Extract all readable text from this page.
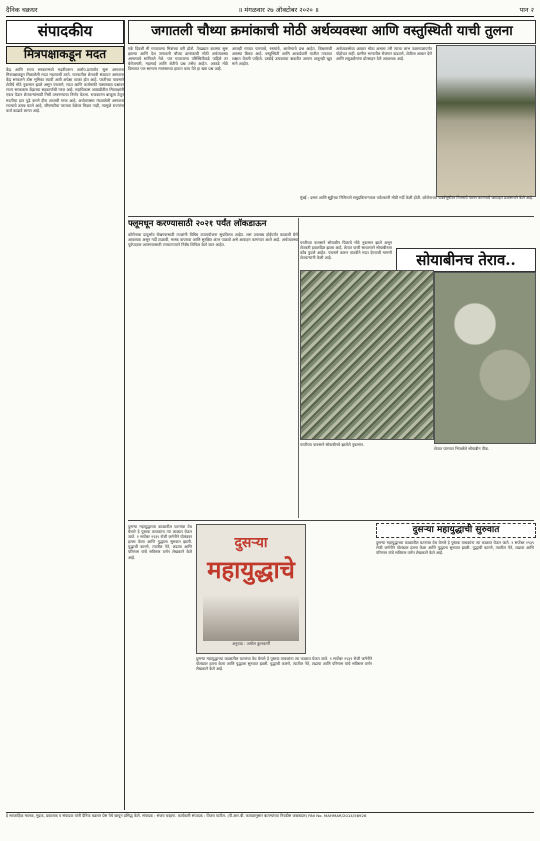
दैनिक चक्रधर	॥ मंगळवार २७ ऑक्टोबर २०२० ॥	पान २
संपादकीय
मित्रपक्षाकडून मदत
केंद्र आणि राज्य सरकारमध्ये मदतीवरून आरोप-प्रत्यारोप सुरू असताना मित्रपक्षाकडून मिळालेली मदत महत्त्वाची ठरते. राज्यातील शेतकरी संकटात असताना केंद्र सरकारने ठोस भूमिका घ्यावी अशी अपेक्षा व्यक्त होत आहे. परतीच्या पावसाने शेतीचे मोठे नुकसान झाले असून पंचनामे, मदत आणि कर्जमाफी यासारख्या प्रश्नांवर राज्य सरकारला केंद्राच्या सहकार्याची गरज आहे. महाविकास आघाडीतील मित्रपक्षांनी एकत्र येऊन शेतकऱ्यांसाठी निधी उभारण्याचा निर्णय घेतला. राजकारण बाजूला ठेवून मदतीचा हात पुढे करणे हीच आजची गरज आहे. अर्थव्यवस्था मंदावलेली असताना राज्याचे उत्पन्न घटले आहे, जीएसटीचा परतावा वेळेवर मिळत नाही, त्यामुळे राज्यांना कर्ज काढावे लागत आहे.
जगातली चौथ्या क्रमांकाची मोठी अर्थव्यवस्था आणि वस्तुस्थिती याची तुलना
एके दिवशी मी गावातल्या मित्रांच्या घरी होतो. तेवढ्यात बातम्या सुरू झाल्या आणि देश जगातली चौथ्या क्रमांकाची मोठी अर्थव्यवस्था असल्याचे सांगितले गेले. पण गावातल्या परिस्थितीकडे पाहिले तर बेरोजगारी, महागाई आणि शेतीचे प्रश्न तसेच आहेत. आकडे मोठे दिसतात पण सामान्य माणसाच्या हातात काय येते हा खरा प्रश्न आहे.
आजही गावात पाण्याचे, रस्त्यांचे, आरोग्याचे प्रश्न आहेत. शिक्षणाची अवस्था बिकट आहे. वस्तुस्थिती आणि आकडेवारी यातील तफावत लक्षात घेतली पाहिजे. दरडोई उत्पन्नाच्या बाबतीत आपण अजूनही खूप मागे आहोत.
अर्थव्यवस्थेचा आकार मोठा असला तरी त्याचा लाभ तळागाळापर्यंत पोहोचत नाही. ग्रामीण भागातील रोजगार वाढवणे, शेतीला आधार देणे आणि लघुउद्योगांना प्रोत्साहन देणे आवश्यक आहे.
मुंबई : दसरा आणि सुट्टीच्या निमित्ताने समुद्रकिनाऱ्यावर पर्यटकांनी मोठी गर्दी केली होती. कोरोनाच्या पार्श्वभूमीवर नियमांचे पालन करण्याचे आवाहन प्रशासनाने केले आहे.
फ्लूमधून करण्यासाठी २०२१ पर्यंत लॉकडाऊन
कोरोनाचा प्रादुर्भाव रोखण्यासाठी तज्ज्ञांनी विविध उपाययोजना सुचविल्या आहेत. लस उपलब्ध होईपर्यंत काळजी घेणे आवश्यक असून गर्दी टाळावी, मास्क वापरावा आणि सुरक्षित अंतर पाळावे असे आवाहन करण्यात आले आहे. अर्थव्यवस्था पूर्वपदावर आणण्यासाठी टप्प्याटप्प्याने निर्बंध शिथिल केले जात आहेत.
सोयाबीनच तेराव..
परतीच्या पावसाने सोयाबीन पिकाचे मोठे नुकसान झाले असून शेतकरी हवालदिल झाला आहे. शेतात पाणी साचल्याने सोयाबीनला कोंब फुटले आहेत. पंचनामे करून तातडीने मदत देण्याची मागणी शेतकऱ्यांनी केली आहे.
परतीच्या पावसाने सोयाबीनचे झालेले नुकसान.
शेतात पाण्यात भिजलेले सोयाबीन पीक.
दुसऱ्या
महायुद्धाचे
अनुवाद : अमोल कुलकर्णी
दुसऱ्या महायुद्धाची सुरुवात
दुसऱ्या महायुद्धाच्या काळातील घटनांचा वेध घेणारे हे पुस्तक वाचकांना त्या काळात घेऊन जाते. १ सप्टेंबर १९३९ रोजी जर्मनीने पोलंडवर हल्ला केला आणि युद्धाला सुरुवात झाली. युद्धाची कारणे, त्यातील नेते, लढाया आणि परिणाम यांचे सविस्तर वर्णन लेखकाने केले आहे.
दुसऱ्या महायुद्धाच्या काळातील घटनांचा वेध घेणारे हे पुस्तक वाचकांना त्या काळात घेऊन जाते. १ सप्टेंबर १९३९ रोजी जर्मनीने पोलंडवर हल्ला केला आणि युद्धाला सुरुवात झाली. युद्धाची कारणे, त्यातील नेते, लढाया आणि परिणाम यांचे सविस्तर वर्णन लेखकाने केले आहे.
दुसऱ्या महायुद्धाच्या काळातील घटनांचा वेध घेणारे हे पुस्तक वाचकांना त्या काळात घेऊन जाते. १ सप्टेंबर १९३९ रोजी जर्मनीने पोलंडवर हल्ला केला आणि युद्धाला सुरुवात झाली. युद्धाची कारणे, त्यातील नेते, लढाया आणि परिणाम यांचे सविस्तर वर्णन लेखकाने केले आहे.
हे साप्ताहिक मालक, मुद्रक, प्रकाशक व संपादक यांनी दैनिक चक्रधर प्रेस येथे छापून प्रसिद्ध केले. संपादक : संजय चव्हाण. कार्यकारी संपादक : विजय पाटील. (पी.आर.बी. कायद्यानुसार बातम्यांच्या निवडीस जबाबदार) RNI No. MAHMAR/2014/56926
